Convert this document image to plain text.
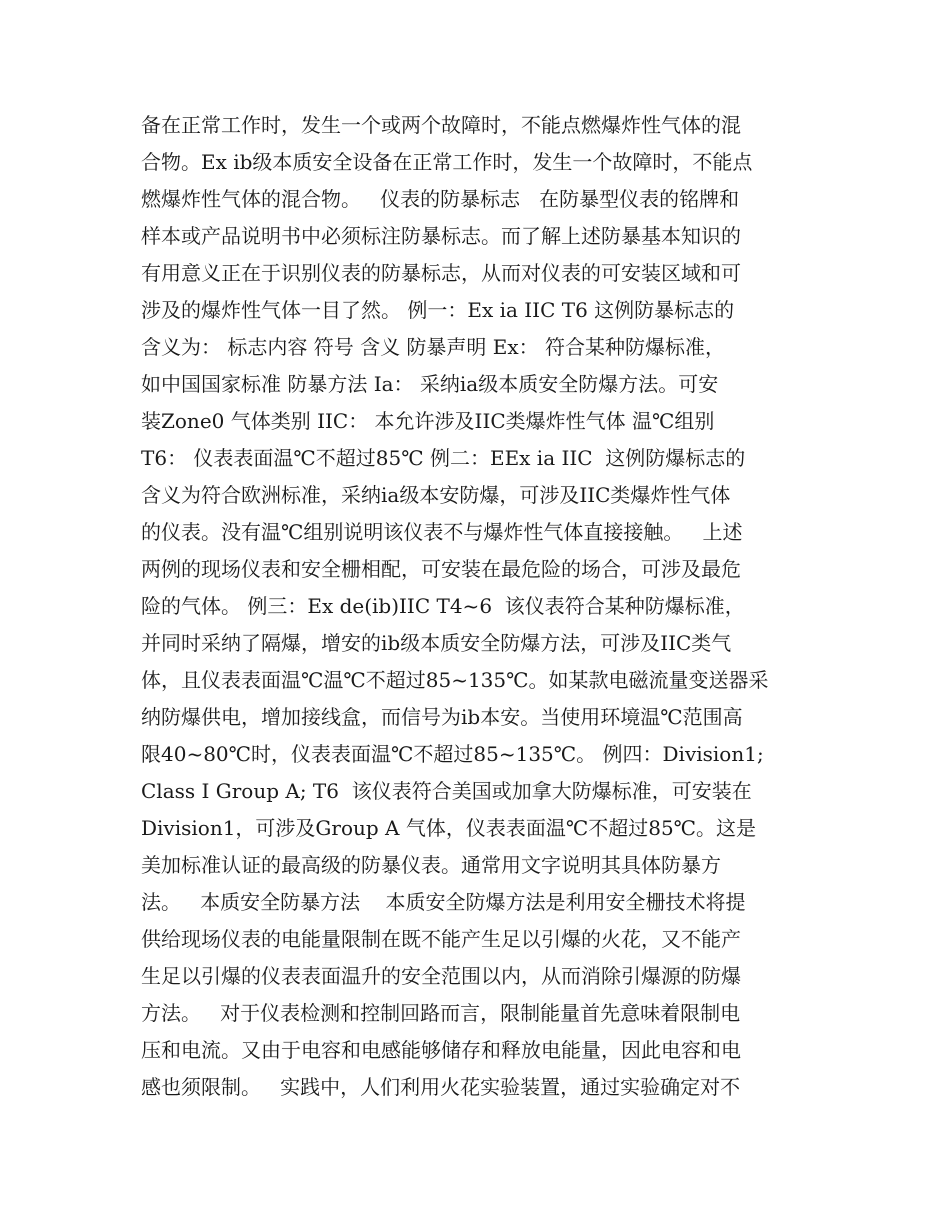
备在正常工作时，发生一个或两个故障时，不能点燃爆炸性气体的混
合物。Ex ib级本质安全设备在正常工作时，发生一个故障时，不能点
燃爆炸性气体的混合物。   仪表的防暴标志   在防暴型仪表的铭牌和
样本或产品说明书中必须标注防暴标志。而了解上述防暴基本知识的
有用意义正在于识别仪表的防暴标志，从而对仪表的可安装区域和可
涉及的爆炸性气体一目了然。 例一：Ex ia IIC T6 这例防暴标志的
含义为： 标志内容 符号 含义 防暴声明 Ex： 符合某种防爆标准，
如中国国家标准 防暴方法 Ia： 采纳ia级本质安全防爆方法。可安
装Zone0 气体类别 IIC： 本允许涉及IIC类爆炸性气体 温℃组别
T6： 仪表表面温℃不超过85℃ 例二：EEx ia IIC  这例防爆标志的
含义为符合欧洲标准，采纳ia级本安防爆，可涉及IIC类爆炸性气体
的仪表。没有温℃组别说明该仪表不与爆炸性气体直接接触。   上述
两例的现场仪表和安全栅相配，可安装在最危险的场合，可涉及最危
险的气体。 例三：Ex de(ib)IIC T4~6  该仪表符合某种防爆标准，
并同时采纳了隔爆，增安的ib级本质安全防爆方法，可涉及IIC类气
体，且仪表表面温℃温℃不超过85~135℃。如某款电磁流量变送器采
纳防爆供电，增加接线盒，而信号为ib本安。当使用环境温℃范围高
限40~80℃时，仪表表面温℃不超过85~135℃。 例四：Division1;
Class I Group A; T6  该仪表符合美国或加拿大防爆标准，可安装在
Division1，可涉及Group A 气体，仪表表面温℃不超过85℃。这是
美加标准认证的最高级的防暴仪表。通常用文字说明其具体防暴方
法。   本质安全防暴方法    本质安全防爆方法是利用安全栅技术将提
供给现场仪表的电能量限制在既不能产生足以引爆的火花，又不能产
生足以引爆的仪表表面温升的安全范围以内，从而消除引爆源的防爆
方法。   对于仪表检测和控制回路而言，限制能量首先意味着限制电
压和电流。又由于电容和电感能够储存和释放电能量，因此电容和电
感也须限制。   实践中，人们利用火花实验装置，通过实验确定对不
